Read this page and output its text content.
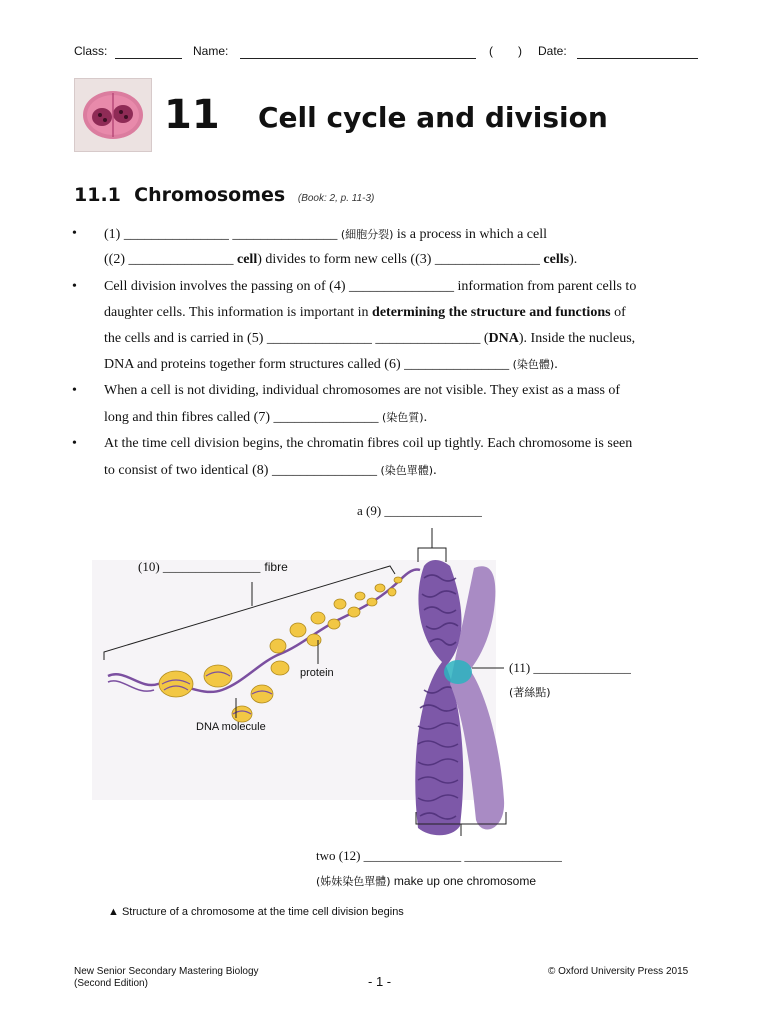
Class:	Name:	( ) Date:
11 Cell cycle and division
11.1 Chromosomes (Book: 2, p. 11-3)
• (1) _______________ _______________ (細胞分裂) is a process in which a cell
((2) _______________ cell) divides to form new cells ((3) _______________ cells).
• Cell division involves the passing on of (4) _______________ information from parent cells to
daughter cells. This information is important in determining the structure and functions of
the cells and is carried in (5) _______________ _______________ (DNA). Inside the nucleus,
DNA and proteins together form structures called (6) _______________ (染色體).
• When a cell is not dividing, individual chromosomes are not visible. They exist as a mass of
long and thin fibres called (7) _______________ (染色質).
• At the time cell division begins, the chromatin fibres coil up tightly. Each chromosome is seen
to consist of two identical (8) _______________ (染色單體).
a (9) _______________
(10) _______________ fibre
protein
DNA molecule
(11) _______________
(著絲點)
two (12) _______________ _______________
(姊妹染色單體) make up one chromosome
▲ Structure of a chromosome at the time cell division begins
New Senior Secondary Mastering Biology
(Second Edition)	- 1 -
© Oxford University Press 2015
